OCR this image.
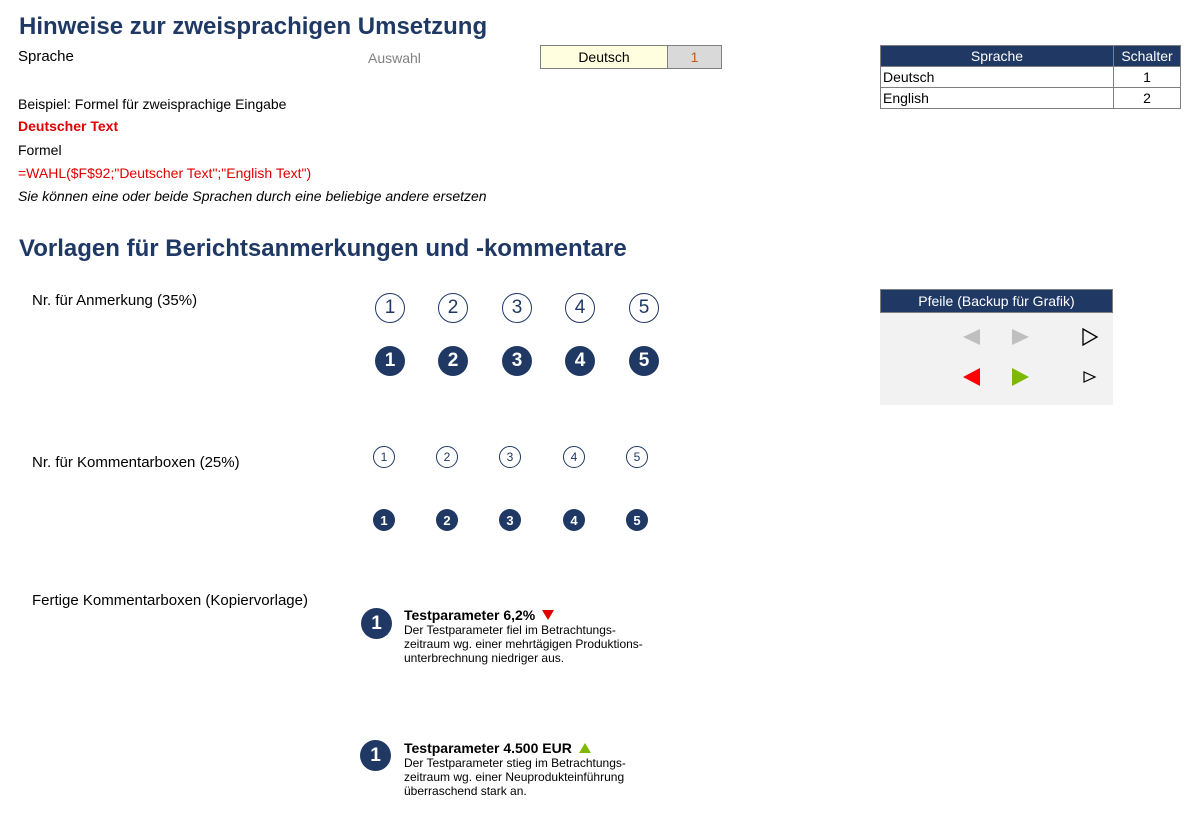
Hinweise zur zweisprachigen Umsetzung
Sprache	Auswahl	Deutsch	1	Sprache	Schalter
Deutsch	1
English	2
Beispiel: Formel für zweisprachige Eingabe
Deutscher Text
Formel
=WAHL($F$92;"Deutscher Text";"English Text")
Sie können eine oder beide Sprachen durch eine beliebige andere ersetzen
Vorlagen für Berichtsanmerkungen und -kommentare
Nr. für Anmerkung (35%)
Nr. für Kommentarboxen (25%)
Fertige Kommentarboxen (Kopiervorlage)
1	2	3	4	5
1	2	3	4	5
1	2	3	4	5
1	2	3	4	5
Pfeile (Backup für Grafik)
1	Testparameter 6,2%
Der Testparameter fiel im Betrachtungs-
zeitraum wg. einer mehrtägigen Produktions-
unterbrechnung niedriger aus.
1	Testparameter 4.500 EUR
Der Testparameter stieg im Betrachtungs-
zeitraum wg. einer Neuprodukteinführung
überraschend stark an.
